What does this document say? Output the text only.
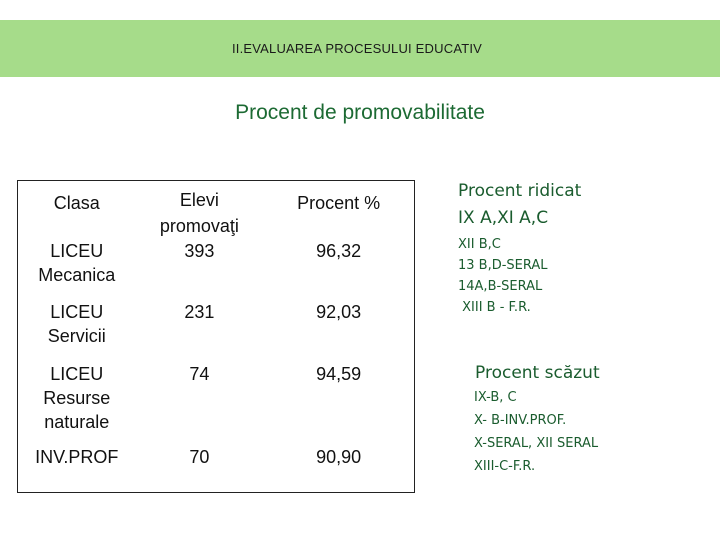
II.EVALUAREA PROCESULUI EDUCATIV
Procent de promovabilitate
Clasa	Elevi promovaţi	Procent %

LICEU
Mecanica	393	96,32

LICEU
Servicii	231	92,03

LICEU
Resurse
naturale	74	94,59

INV.PROF	70	90,90
Procent ridicat
IX A,XI A,C
XII B,C
13 B,D-SERAL
14A,B-SERAL
XIII B - F.R.
Procent scăzut
IX-B, C
X- B-INV.PROF.
X-SERAL, XII SERAL
XIII-C-F.R.
